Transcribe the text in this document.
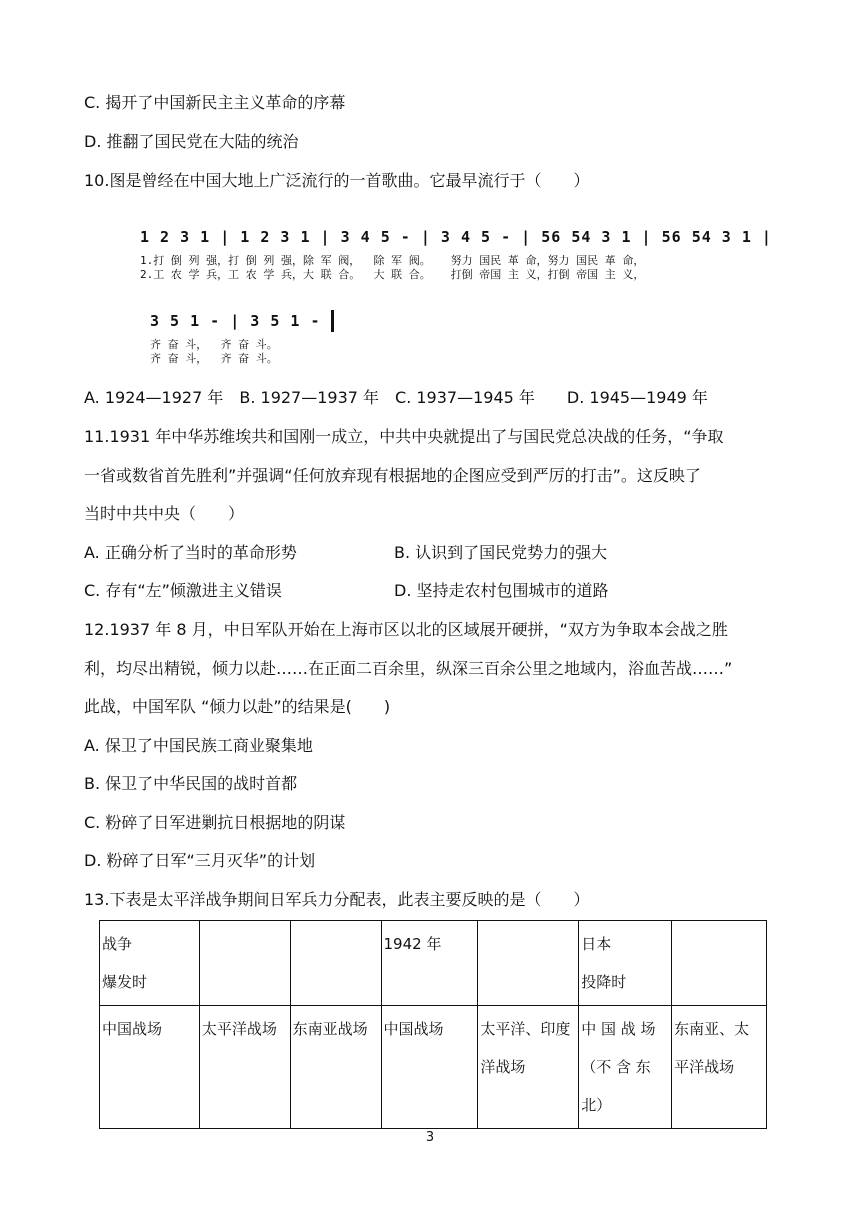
C. 揭开了中国新民主主义革命的序幕
D. 推翻了国民党在大陆的统治
10.图是曾经在中国大地上广泛流行的一首歌曲。它最早流行于（　　）
1 2 3 1 | 1 2 3 1 | 3 4 5 - | 3 4 5 - | 56 54 3 1 | 56 54 3 1 |
1.打 倒 列 强，打 倒 列 强，除 军 阀，  除 军 阀。   努力 国民 革 命，努力 国民 革 命，
2.工 农 学 兵，工 农 学 兵，大 联 合。  大 联 合。   打倒 帝国 主 义，打倒 帝国 主 义，
3 5 1 - | 3 5 1 -
齐 奋 斗，  齐 奋 斗。
齐 奋 斗，  齐 奋 斗。
A. 1924—1927 年　B. 1927—1937 年　C. 1937—1945 年　　D. 1945—1949 年
11.1931 年中华苏维埃共和国刚一成立，中共中央就提出了与国民党总决战的任务，“争取
一省或数省首先胜利”并强调“任何放弃现有根据地的企图应受到严厉的打击”。这反映了
当时中共中央（　　）
A. 正确分析了当时的革命形势	B. 认识到了国民党势力的强大
C. 存有“左”倾激进主义错误	D. 坚持走农村包围城市的道路
12.1937 年 8 月，中日军队开始在上海市区以北的区域展开硬拼，“双方为争取本会战之胜
利，均尽出精锐，倾力以赴……在正面二百余里，纵深三百余公里之地域内，浴血苦战……”
此战，中国军队 “倾力以赴”的结果是(　　)
A. 保卫了中国民族工商业聚集地
B. 保卫了中华民国的战时首都
C. 粉碎了日军进剿抗日根据地的阴谋
D. 粉碎了日军“三月灭华”的计划
13.下表是太平洋战争期间日军兵力分配表，此表主要反映的是（　　）
战争
爆发时			1942 年		日本
投降时	
中国战场	太平洋战场	东南亚战场	中国战场	太平洋、印度洋战场	中 国 战 场（不 含 东北）	东南亚、太平洋战场
3
